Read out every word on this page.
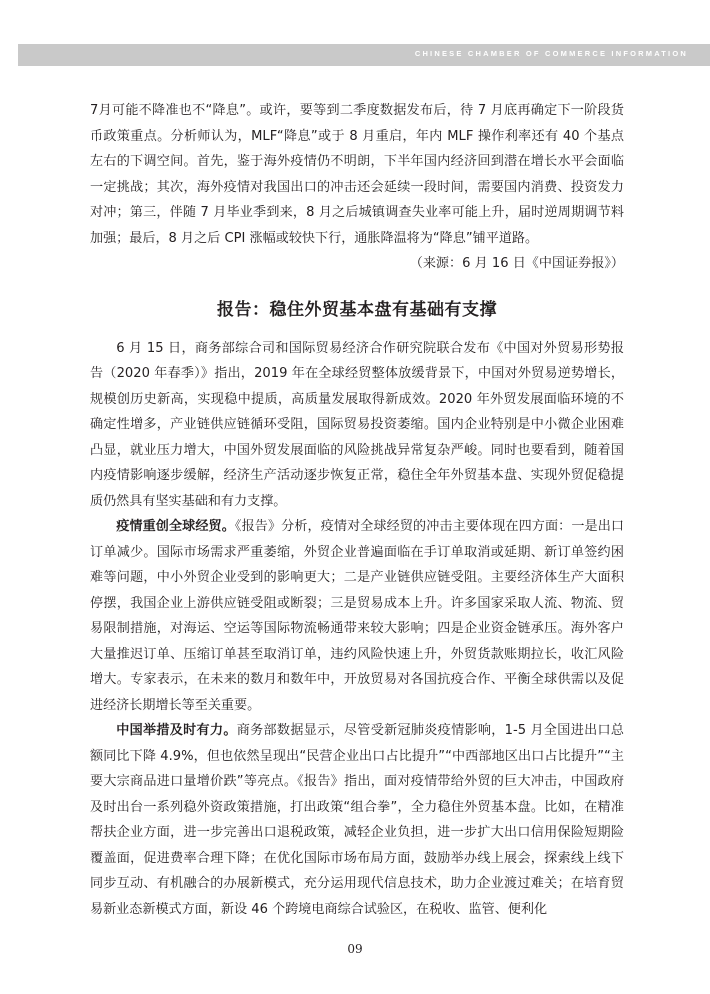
CHINESE CHAMBER OF COMMERCE INFORMATION

7月可能不降准也不“降息”。或许，要等到二季度数据发布后，待 7 月底再确定下一阶段货币政策重点。分析师认为，MLF“降息”或于 8 月重启，年内 MLF 操作利率还有 40 个基点左右的下调空间。首先，鉴于海外疫情仍不明朗，下半年国内经济回到潜在增长水平会面临一定挑战；其次，海外疫情对我国出口的冲击还会延续一段时间，需要国内消费、投资发力对冲；第三，伴随 7 月毕业季到来，8 月之后城镇调查失业率可能上升，届时逆周期调节料加强；最后，8 月之后 CPI 涨幅或较快下行，通胀降温将为“降息”铺平道路。

（来源：6 月 16 日《中国证券报》）

报告：稳住外贸基本盘有基础有支撑

6 月 15 日，商务部综合司和国际贸易经济合作研究院联合发布《中国对外贸易形势报告（2020 年春季）》指出，2019 年在全球经贸整体放缓背景下，中国对外贸易逆势增长，规模创历史新高，实现稳中提质，高质量发展取得新成效。2020 年外贸发展面临环境的不确定性增多，产业链供应链循环受阻，国际贸易投资萎缩。国内企业特别是中小微企业困难凸显，就业压力增大，中国外贸发展面临的风险挑战异常复杂严峻。同时也要看到，随着国内疫情影响逐步缓解，经济生产活动逐步恢复正常，稳住全年外贸基本盘、实现外贸促稳提质仍然具有坚实基础和有力支撑。

疫情重创全球经贸。《报告》分析，疫情对全球经贸的冲击主要体现在四方面：一是出口订单减少。国际市场需求严重萎缩，外贸企业普遍面临在手订单取消或延期、新订单签约困难等问题，中小外贸企业受到的影响更大；二是产业链供应链受阻。主要经济体生产大面积停摆，我国企业上游供应链受阻或断裂；三是贸易成本上升。许多国家采取人流、物流、贸易限制措施，对海运、空运等国际物流畅通带来较大影响；四是企业资金链承压。海外客户大量推迟订单、压缩订单甚至取消订单，违约风险快速上升，外贸货款账期拉长，收汇风险增大。专家表示，在未来的数月和数年中，开放贸易对各国抗疫合作、平衡全球供需以及促进经济长期增长等至关重要。

中国举措及时有力。商务部数据显示，尽管受新冠肺炎疫情影响，1-5 月全国进出口总额同比下降 4.9%，但也依然呈现出“民营企业出口占比提升”“中西部地区出口占比提升”“主要大宗商品进口量增价跌”等亮点。《报告》指出，面对疫情带给外贸的巨大冲击，中国政府及时出台一系列稳外资政策措施，打出政策“组合拳”，全力稳住外贸基本盘。比如，在精准帮扶企业方面，进一步完善出口退税政策，减轻企业负担，进一步扩大出口信用保险短期险覆盖面，促进费率合理下降；在优化国际市场布局方面，鼓励举办线上展会，探索线上线下同步互动、有机融合的办展新模式，充分运用现代信息技术，助力企业渡过难关；在培育贸易新业态新模式方面，新设 46 个跨境电商综合试验区，在税收、监管、便利化

09
